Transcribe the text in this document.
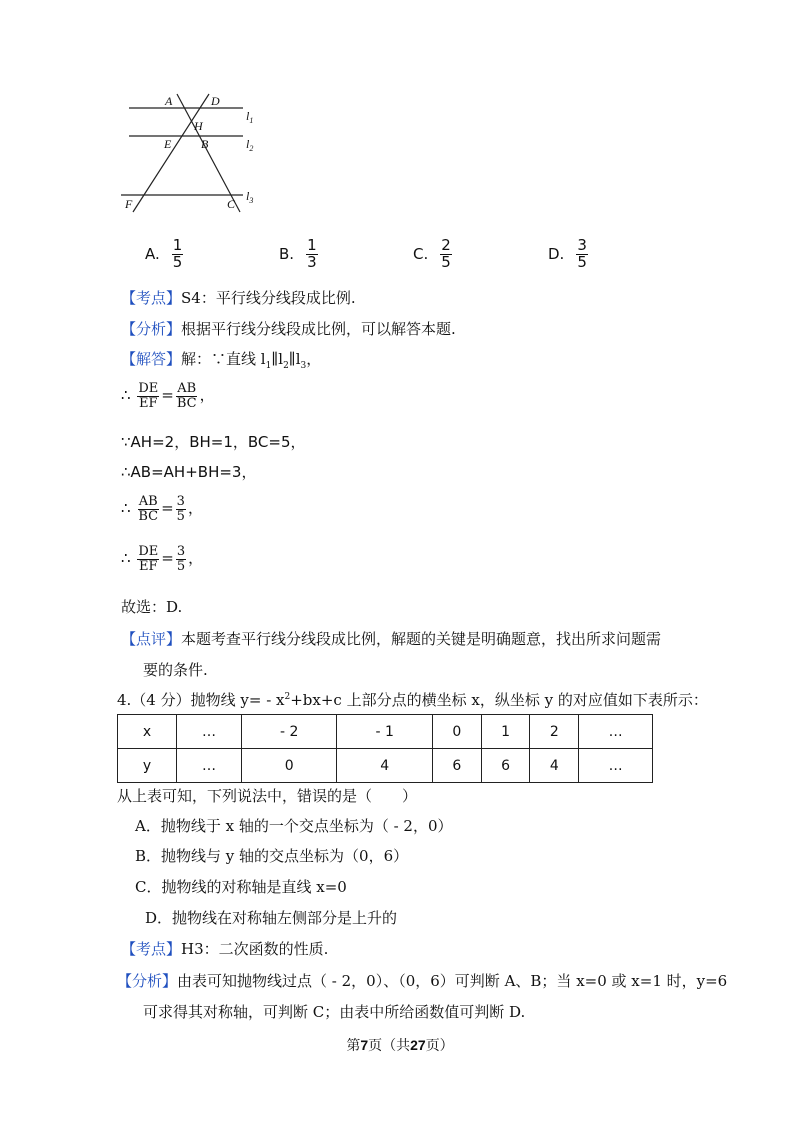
A	D
H
E B
F	C
$l_1$
$l_2$
$l_3$
A. $\frac{1}{5}$	B. $\frac{1}{3}$	C. $\frac{2}{5}$	D. $\frac{3}{5}$
【考点】S4：平行线分线段成比例.
【分析】根据平行线分线段成比例，可以解答本题.
【解答】解：∵直线 $l_1\parallel l_2\parallel l_3$，
∴ $\frac{DE}{EF} = \frac{AB}{BC}$ ，
∵AH=2，BH=1，BC=5，
∴AB=AH+BH=3，
∴ $\frac{AB}{BC} = \frac{3}{5}$ ，
∴ $\frac{DE}{EF} = \frac{3}{5}$ ，
故选：D.
【点评】本题考查平行线分线段成比例，解题的关键是明确题意，找出所求问题需
要的条件.
4.（4 分）抛物线 $y= - x^2+bx+c$ 上部分点的横坐标 x，纵坐标 y 的对应值如下表所示：
x	…	- 2	- 1	0	1	2	…
y	…	0	4	6	6	4	…
从上表可知，下列说法中，错误的是（　　）
A．抛物线于 x 轴的一个交点坐标为（ - 2，0）
B．抛物线与 y 轴的交点坐标为（0，6）
C．抛物线的对称轴是直线 x=0
D．抛物线在对称轴左侧部分是上升的
【考点】H3：二次函数的性质.
【分析】由表可知抛物线过点（ - 2，0）、（0，6）可判断 A、B；当 x=0 或 x=1 时，y=6
可求得其对称轴，可判断 C；由表中所给函数值可判断 D.
第7页（共27页）
